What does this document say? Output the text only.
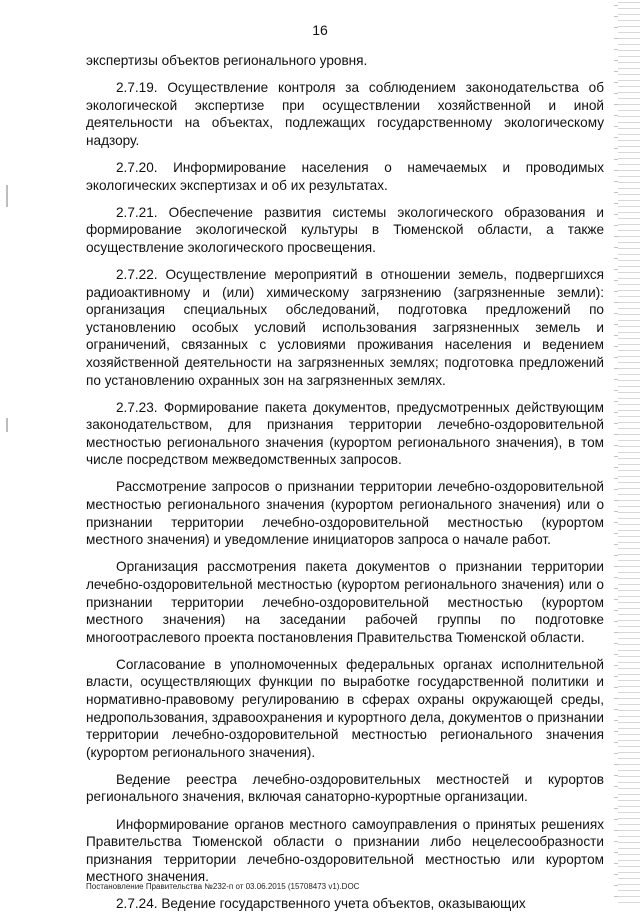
16

экспертизы объектов регионального уровня.

2.7.19. Осуществление контроля за соблюдением законодательства об экологической экспертизе при осуществлении хозяйственной и иной деятельности на объектах, подлежащих государственному экологическому надзору.

2.7.20. Информирование населения о намечаемых и проводимых экологических экспертизах и об их результатах.

2.7.21. Обеспечение развития системы экологического образования и формирование экологической культуры в Тюменской области, а также осуществление экологического просвещения.

2.7.22. Осуществление мероприятий в отношении земель, подвергшихся радиоактивному и (или) химическому загрязнению (загрязненные земли): организация специальных обследований, подготовка предложений по установлению особых условий использования загрязненных земель и ограничений, связанных с условиями проживания населения и ведением хозяйственной деятельности на загрязненных землях; подготовка предложений по установлению охранных зон на загрязненных землях.

2.7.23. Формирование пакета документов, предусмотренных действующим законодательством, для признания территории лечебно-оздоровительной местностью регионального значения (курортом регионального значения), в том числе посредством межведомственных запросов.

Рассмотрение запросов о признании территории лечебно-оздоровительной местностью регионального значения (курортом регионального значения) или о признании территории лечебно-оздоровительной местностью (курортом местного значения) и уведомление инициаторов запроса о начале работ.

Организация рассмотрения пакета документов о признании территории лечебно-оздоровительной местностью (курортом регионального значения) или о признании территории лечебно-оздоровительной местностью (курортом местного значения) на заседании рабочей группы по подготовке многоотраслевого проекта постановления Правительства Тюменской области.

Согласование в уполномоченных федеральных органах исполнительной власти, осуществляющих функции по выработке государственной политики и нормативно-правовому регулированию в сферах охраны окружающей среды, недропользования, здравоохранения и курортного дела, документов о признании территории лечебно-оздоровительной местностью регионального значения (курортом регионального значения).

Ведение реестра лечебно-оздоровительных местностей и курортов регионального значения, включая санаторно-курортные организации.

Информирование органов местного самоуправления о принятых решениях Правительства Тюменской области о признании либо нецелесообразности признания территории лечебно-оздоровительной местностью или курортом местного значения.

2.7.24. Ведение государственного учета объектов, оказывающих

Постановление Правительства №232-п от 03.06.2015 (15708473 v1).DOC
